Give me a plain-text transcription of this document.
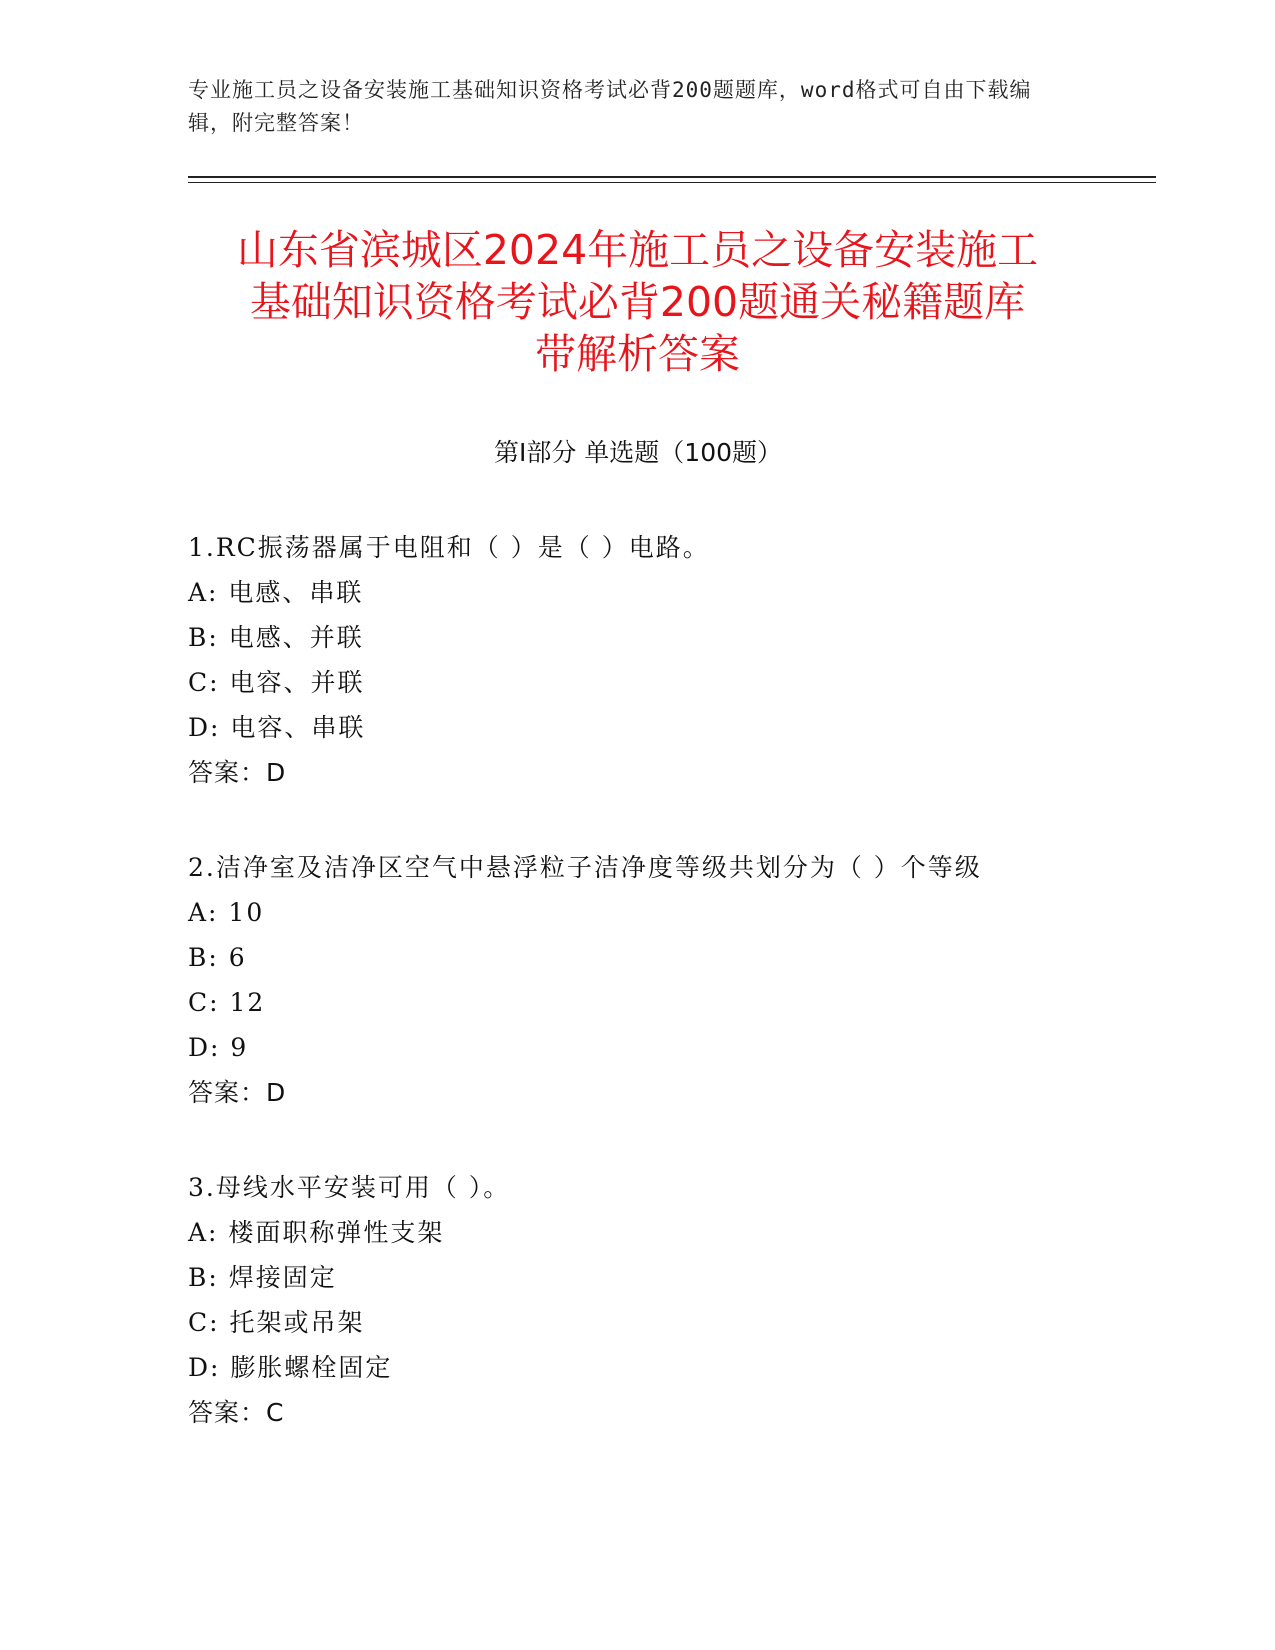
专业施工员之设备安装施工基础知识资格考试必背200题题库，word格式可自由下载编辑，附完整答案！
山东省滨城区2024年施工员之设备安装施工
基础知识资格考试必背200题通关秘籍题库
带解析答案
第Ⅰ部分 单选题（100题）
1.RC振荡器属于电阻和（ ）是（ ）电路。
A: 电感、串联
B: 电感、并联
C: 电容、并联
D: 电容、串联
答案：D
2.洁净室及洁净区空气中悬浮粒子洁净度等级共划分为（ ）个等级
A: 10
B: 6
C: 12
D: 9
答案：D
3.母线水平安装可用（ ）。
A: 楼面职称弹性支架
B: 焊接固定
C: 托架或吊架
D: 膨胀螺栓固定
答案：C
